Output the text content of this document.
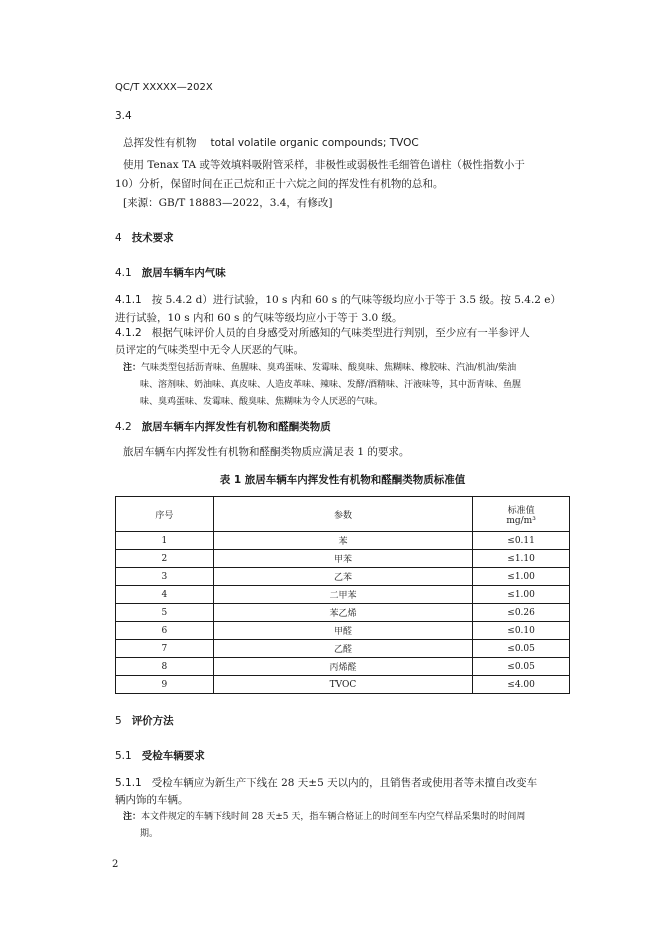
QC/T XXXXX—202X
3.4
总挥发性有机物 total volatile organic compounds; TVOC
使用 Tenax TA 或等效填料吸附管采样，非极性或弱极性毛细管色谱柱（极性指数小于
10）分析，保留时间在正己烷和正十六烷之间的挥发性有机物的总和。
[来源：GB/T 18883—2022，3.4，有修改]
4 技术要求
4.1 旅居车辆车内气味
4.1.1 按 5.4.2 d）进行试验，10 s 内和 60 s 的气味等级均应小于等于 3.5 级。按 5.4.2 e）
进行试验，10 s 内和 60 s 的气味等级均应小于等于 3.0 级。
4.1.2 根据气味评价人员的自身感受对所感知的气味类型进行判别，至少应有一半参评人
员评定的气味类型中无令人厌恶的气味。
注：气味类型包括沥青味、鱼腥味、臭鸡蛋味、发霉味、酸臭味、焦糊味、橡胶味、汽油/机油/柴油
味、溶剂味、奶油味、真皮味、人造皮革味、辣味、发酵/酒精味、汗液味等，其中沥青味、鱼腥
味、臭鸡蛋味、发霉味、酸臭味、焦糊味为令人厌恶的气味。
4.2 旅居车辆车内挥发性有机物和醛酮类物质
旅居车辆车内挥发性有机物和醛酮类物质应满足表 1 的要求。
表 1 旅居车辆车内挥发性有机物和醛酮类物质标准值
序号	参数	标准值
mg/m³

1	苯	≤0.11
2	甲苯	≤1.10
3	乙苯	≤1.00
4	二甲苯	≤1.00
5	苯乙烯	≤0.26
6	甲醛	≤0.10
7	乙醛	≤0.05
8	丙烯醛	≤0.05
9	TVOC	≤4.00
5 评价方法
5.1 受检车辆要求
5.1.1 受检车辆应为新生产下线在 28 天±5 天以内的，且销售者或使用者等未擅自改变车
辆内饰的车辆。
注：本文件规定的车辆下线时间 28 天±5 天，指车辆合格证上的时间至车内空气样品采集时的时间周
期。
2
